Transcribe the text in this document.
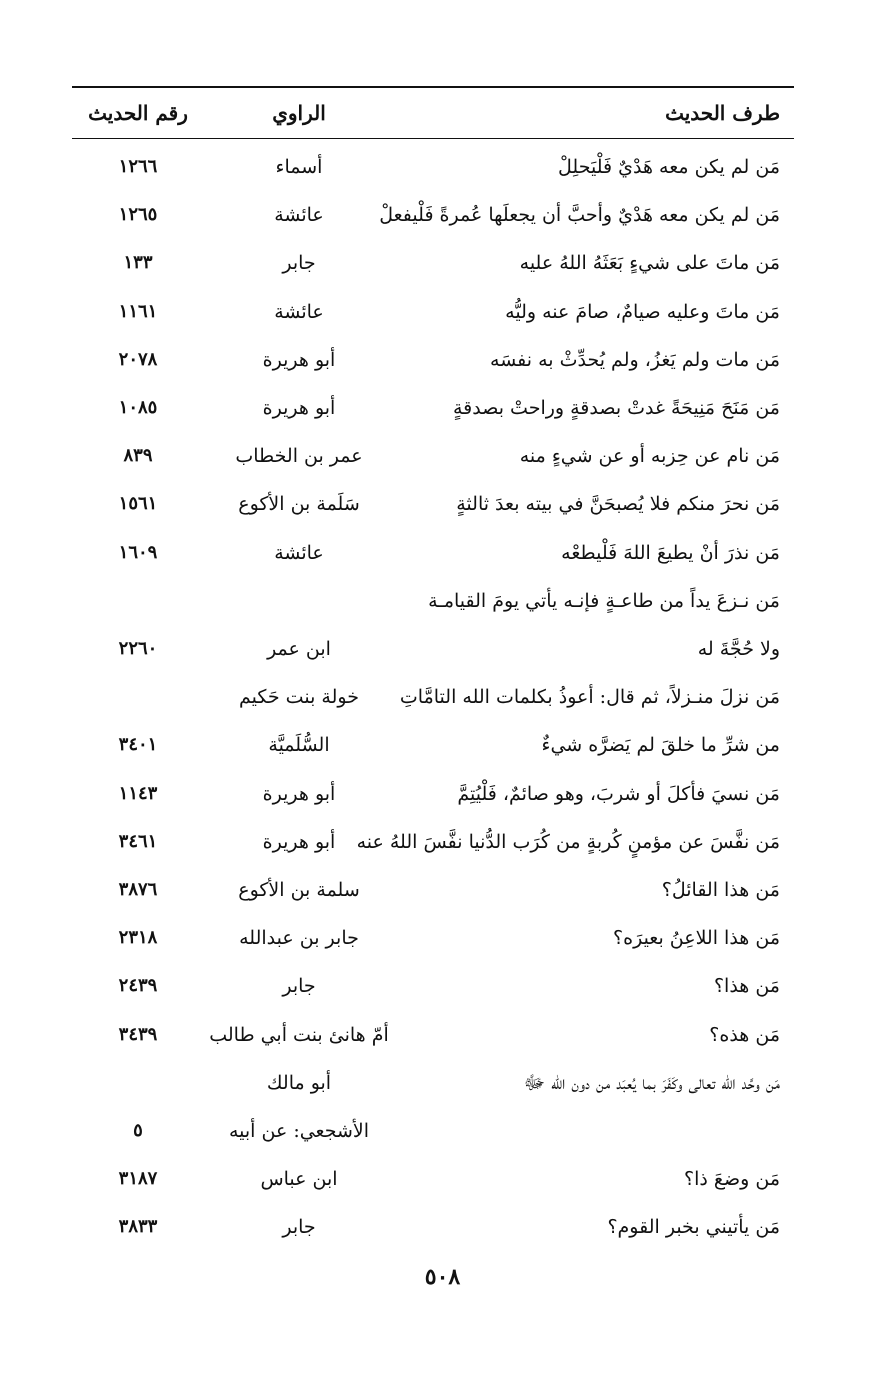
طرف الحديث
الراوي
رقم الحديث
مَن لم يكن معه هَدْيٌ فَلْيَحلِلْ
أسماء
١٢٦٦
مَن لم يكن معه هَدْيٌ وأحبَّ أن يجعلَها عُمرةً فَلْيفعلْ
عائشة
١٢٦٥
مَن ماتَ على شيءٍ بَعَثَهُ اللهُ عليه
جابر
١٣٣
مَن ماتَ وعليه صيامٌ، صامَ عنه وليُّه
عائشة
١١٦١
مَن مات ولم يَغزُ، ولم يُحدِّثْ به نفسَه
أبو هريرة
٢٠٧٨
مَن مَنَحَ مَنِيحَةً غدتْ بصدقةٍ وراحتْ بصدقةٍ
أبو هريرة
١٠٨٥
مَن نام عن حِزبه أو عن شيءٍ منه
عمر بن الخطاب
٨٣٩
مَن نحرَ منكم فلا يُصبحَنَّ في بيته بعدَ ثالثةٍ
سَلَمة بن الأكوع
١٥٦١
مَن نذرَ أنْ يطيعَ اللهَ فَلْيطعْه
عائشة
١٦٠٩
مَن نـزعَ يداً من طاعـةٍ فإنـه يأتي يومَ القيامـة
ولا حُجَّةَ له
ابن عمر
٢٢٦٠
مَن نزلَ منـزلاً، ثم قال: أعوذُ بكلمات الله التامَّاتِ
خولة بنت حَكيم
من شرِّ ما خلقَ لم يَضرَّه شيءٌ
السُّلَميَّة
٣٤٠١
مَن نسيَ فأكلَ أو شربَ، وهو صائمٌ، فَلْيُتِمَّ
أبو هريرة
١١٤٣
مَن نفَّسَ عن مؤمنٍ كُربةٍ من كُرَب الدُّنيا نفَّسَ اللهُ عنه
أبو هريرة
٣٤٦١
مَن هذا القائلُ؟
سلمة بن الأكوع
٣٨٧٦
مَن هذا اللاعِنُ بعيرَه؟
جابر بن عبدالله
٢٣١٨
مَن هذا؟
جابر
٢٤٣٩
مَن هذه؟
أمّ هانئ بنت أبي طالب
٣٤٣٩
مَن وحَّد الله تعالى وكَفَرَ بما يُعبَد من دون الله ﷻ
أبو مالك
الأشجعي: عن أبيه
٥
مَن وضعَ ذا؟
ابن عباس
٣١٨٧
مَن يأتيني بخبر القوم؟
جابر
٣٨٣٣
٥٠٨
